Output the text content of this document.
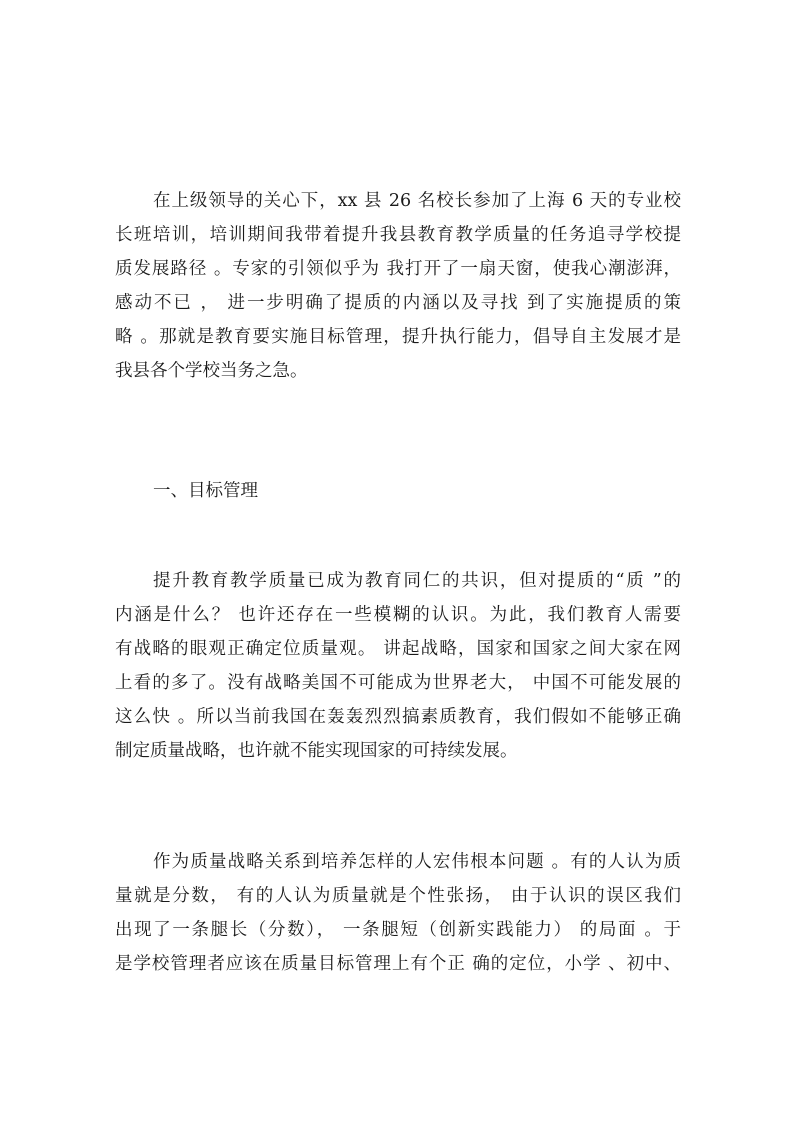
在上级领导的关心下，xx 县 26 名校长参加了上海 6 天的专业校
长班培训，培训期间我带着提升我县教育教学质量的任务追寻学校提
质发展路径 。专家的引领似乎为 我打开了一扇天窗，使我心潮澎湃，
感动不已 ， 进一步明确了提质的内涵以及寻找 到了实施提质的策
略 。那就是教育要实施目标管理，提升执行能力，倡导自主发展才是
我县各个学校当务之急。
一、目标管理
提升教育教学质量已成为教育同仁的共识，但对提质的“质 ”的
内涵是什么？ 也许还存在一些模糊的认识。为此，我们教育人需要
有战略的眼观正确定位质量观。 讲起战略，国家和国家之间大家在网
上看的多了。没有战略美国不可能成为世界老大， 中国不可能发展的
这么快 。所以当前我国在轰轰烈烈搞素质教育，我们假如不能够正确
制定质量战略，也许就不能实现国家的可持续发展。
作为质量战略关系到培养怎样的人宏伟根本问题 。有的人认为质
量就是分数， 有的人认为质量就是个性张扬， 由于认识的误区我们
出现了一条腿长（分数）， 一条腿短（创新实践能力） 的局面 。于
是学校管理者应该在质量目标管理上有个正 确的定位，小学 、初中、
